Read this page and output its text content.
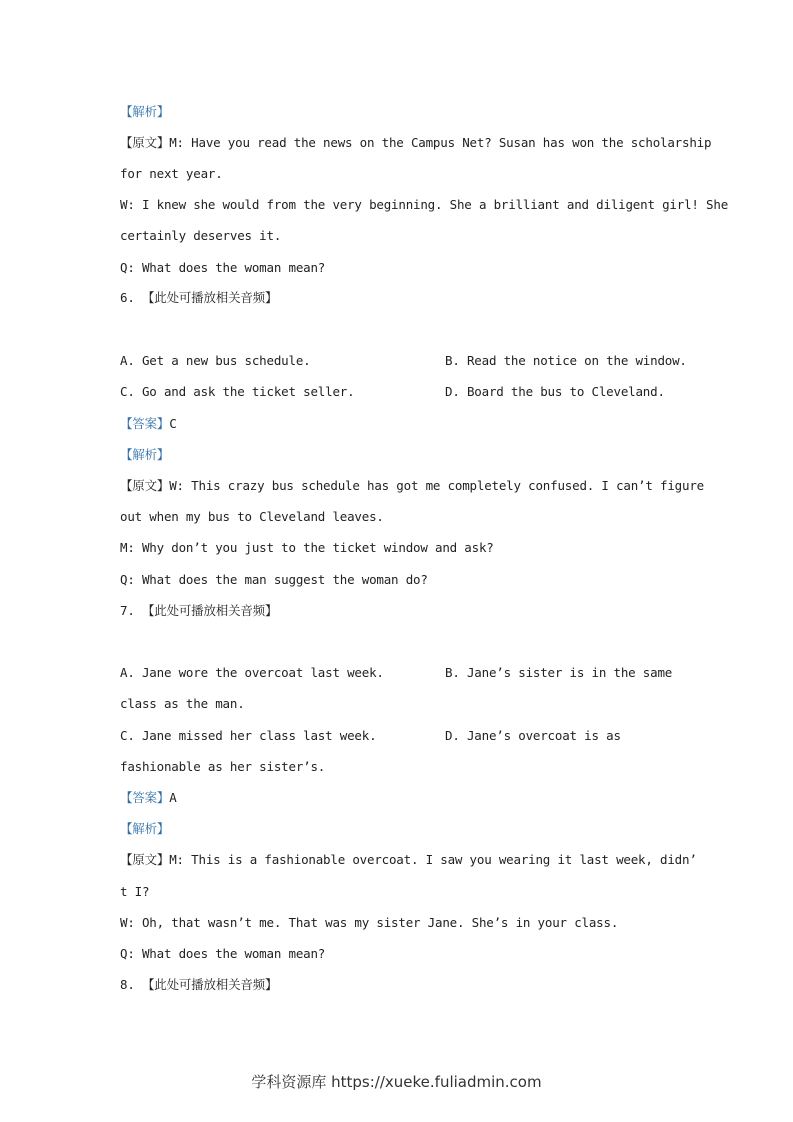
【解析】
【原文】M: Have you read the news on the Campus Net? Susan has won the scholarship
for next year.
W: I knew she would from the very beginning. She a brilliant and diligent girl! She
certainly deserves it.
Q: What does the woman mean?
6. 【此处可播放相关音频】
A. Get a new bus schedule.	B. Read the notice on the window.
C. Go and ask the ticket seller.	D. Board the bus to Cleveland.
【答案】C
【解析】
【原文】W: This crazy bus schedule has got me completely confused. I can’t figure
out when my bus to Cleveland leaves.
M: Why don’t you just to the ticket window and ask?
Q: What does the man suggest the woman do?
7. 【此处可播放相关音频】
A. Jane wore the overcoat last week.	B. Jane’s sister is in the same
class as the man.
C. Jane missed her class last week.	D. Jane’s overcoat is as
fashionable as her sister’s.
【答案】A
【解析】
【原文】M: This is a fashionable overcoat. I saw you wearing it last week, didn’
t I?
W: Oh, that wasn’t me. That was my sister Jane. She’s in your class.
Q: What does the woman mean?
8. 【此处可播放相关音频】
学科资源库 https://xueke.fuliadmin.com
